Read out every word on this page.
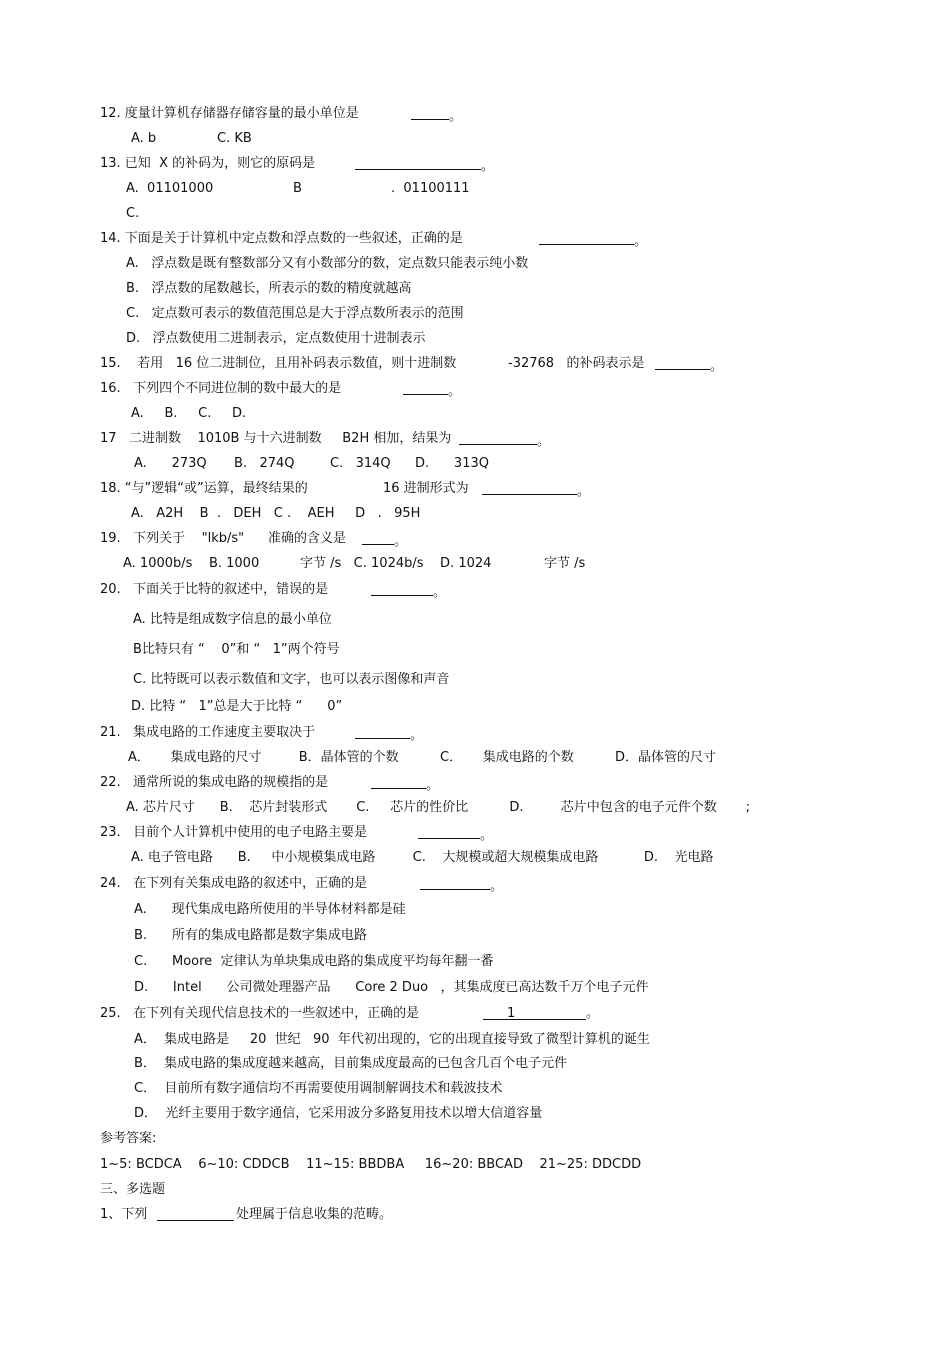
12. 度量计算机存储器存储容量的最小单位是	。
A. b	C. KB
13. 已知  X 的补码为，则它的原码是	。
A.  01101000	B	.  01100111
C.
14. 下面是关于计算机中定点数和浮点数的一些叙述，正确的是	。
A.   浮点数是既有整数部分又有小数部分的数，定点数只能表示纯小数
B.   浮点数的尾数越长，所表示的数的精度就越高
C.   定点数可表示的数值范围总是大于浮点数所表示的范围
D.   浮点数使用二进制表示，定点数使用十进制表示
15.    若用   16 位二进制位，且用补码表示数值，则十进制数	-32768   的补码表示是	。
16.   下列四个不同进位制的数中最大的是	。
A.     B.     C.     D.
17   二进制数    1010B 与十六进制数     B2H 相加，结果为	。
A.      273Q B.   274Q	C.   314Q D.      313Q
18. “与”逻辑“或”运算，最终结果的	16 进制形式为	。
A.   A2H    B  .   DEH   C .    AEH     D   .   95H
19.   下列关于    "lkb/s" 准确的含义是	。
A. 1000b/s    B. 1000	字节 /s   C. 1024b/s    D. 1024	字节 /s
20.   下面关于比特的叙述中，错误的是	。
A. 比特是组成数字信息的最小单位
B比特只有 “    0”和 “   1”两个符号
C. 比特既可以表示数值和文字，也可以表示图像和声音
D. 比特 “   1”总是大于比特 “      0”
21.   集成电路的工作速度主要取决于	。
A．     集成电路的尺寸         B．晶体管的个数          C．     集成电路的个数          D．晶体管的尺寸
22.   通常所说的集成电路的规模指的是	。
A. 芯片尺寸      B.    芯片封装形式       C.     芯片的性价比          D.         芯片中包含的电子元件个数       ;
23.   目前个人计算机中使用的电子电路主要是	。
A. 电子管电路      B.     中小规模集成电路         C.    大规模或超大规模集成电路           D.    光电路
24.   在下列有关集成电路的叙述中，正确的是	。
A.      现代集成电路所使用的半导体材料都是硅
B.      所有的集成电路都是数字集成电路
C.      Moore  定律认为单块集成电路的集成度平均每年翻一番
D.      Intel      公司微处理器产品      Core 2 Duo   ，其集成度已高达数千万个电子元件
25.   在下列有关现代信息技术的一些叙述中，正确的是	1	。
A．  集成电路是     20  世纪   90  年代初出现的，它的出现直接导致了微型计算机的诞生
B．  集成电路的集成度越来越高，目前集成度最高的已包含几百个电子元件
C．  目前所有数字通信均不再需要使用调制解调技术和载波技术
D．  光纤主要用于数字通信，它采用波分多路复用技术以增大信道容量
参考答案:
1~5: BCDCA    6~10: CDDCB    11~15: BBDBA     16~20: BBCAD    21~25: DDCDD
三、多选题
1、下列	处理属于信息收集的范畴。
